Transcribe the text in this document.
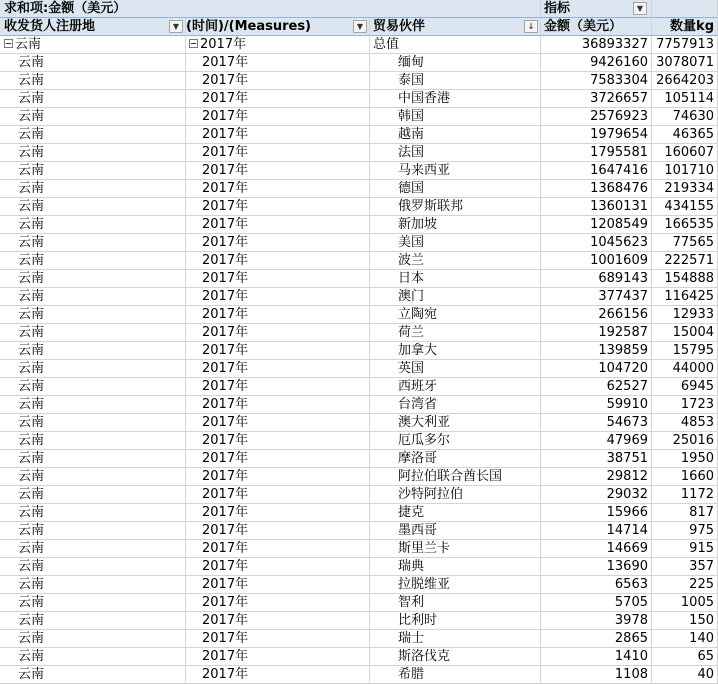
求和项:金额（美元）	指标	▼
收发货人注册地	▼ (时间)/(Measures)	▼ 贸易伙伴	↓ 金额（美元）	数量kg
云南	2017年	总值	36893327 7757913
云南	2017年	缅甸	9426160 3078071
云南	2017年	泰国	7583304 2664203
云南	2017年	中国香港	3726657	105114
云南	2017年	韩国	2576923	74630
云南	2017年	越南	1979654	46365
云南	2017年	法国	1795581	160607
云南	2017年	马来西亚	1647416	101710
云南	2017年	德国	1368476	219334
云南	2017年	俄罗斯联邦	1360131	434155
云南	2017年	新加坡	1208549	166535
云南	2017年	美国	1045623	77565
云南	2017年	波兰	1001609	222571
云南	2017年	日本	689143	154888
云南	2017年	澳门	377437	116425
云南	2017年	立陶宛	266156	12933
云南	2017年	荷兰	192587	15004
云南	2017年	加拿大	139859	15795
云南	2017年	英国	104720	44000
云南	2017年	西班牙	62527	6945
云南	2017年	台湾省	59910	1723
云南	2017年	澳大利亚	54673	4853
云南	2017年	厄瓜多尔	47969	25016
云南	2017年	摩洛哥	38751	1950
云南	2017年	阿拉伯联合酋长国	29812	1660
云南	2017年	沙特阿拉伯	29032	1172
云南	2017年	捷克	15966	817
云南	2017年	墨西哥	14714	975
云南	2017年	斯里兰卡	14669	915
云南	2017年	瑞典	13690	357
云南	2017年	拉脱维亚	6563	225
云南	2017年	智利	5705	1005
云南	2017年	比利时	3978	150
云南	2017年	瑞士	2865	140
云南	2017年	斯洛伐克	1410	65
云南	2017年	希腊	1108	40
